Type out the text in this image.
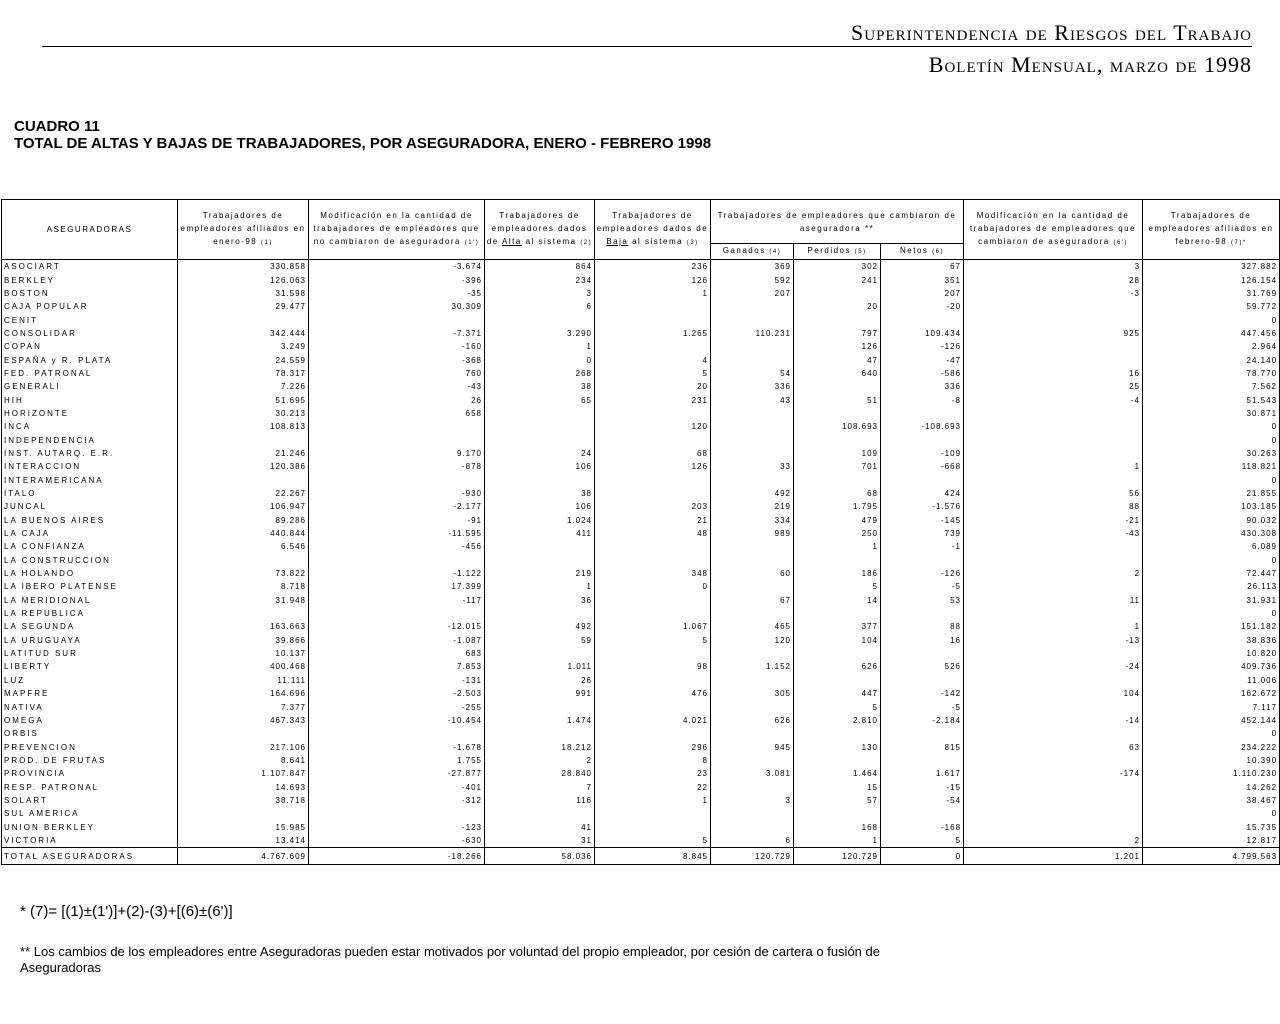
Superintendencia de Riesgos del Trabajo
Boletín Mensual, marzo de 1998
CUADRO 11
TOTAL DE ALTAS Y BAJAS DE TRABAJADORES, POR ASEGURADORA, ENERO - FEBRERO 1998
ASEGURADORAS	Trabajadores de empleadores afiliados en enero-98 (1)	Modificación en la cantidad de trabajadores de empleadores que no cambiaron de aseguradora (1')	Trabajadores de empleadores dados de Alta al sistema (2)	Trabajadores de empleadores dados de Baja al sistema (3)	Trabajadores de empleadores que cambiaron de aseguradora **			Modificación en la cantidad de trabajadores de empleadores que cambiaron de aseguradora (6')	Trabajadores de empleadores afiliados en febrero-98 (7)*
					Ganados (4)	Perdidos (5)	Netos (6)		
ASOCIART	330.858	-3.674	864	236	369	302	67	3	327.882
BERKLEY	126.063	-396	234	126	592	241	351	28	126.154
BOSTON	31.598	-35	3	1	207		207	-3	31.769
CAJA POPULAR	29.477	30.309	6			20	-20		59.772
CENIT									0
CONSOLIDAR	342.444	-7.371	3.290	1.265	110.231	797	109.434	925	447.456
COPAN	3.249	-160	1			126	-126		2.964
ESPAÑA y R. PLATA	24.559	-368	0	4		47	-47		24.140
FED. PATRONAL	78.317	760	268	5	54	640	-586	16	78.770
GENERALI	7.226	-43	38	20	336		336	25	7.562
HIH	51.695	26	65	231	43	51	-8	-4	51.543
HORIZONTE	30.213	658							30.871
INCA	108.813			120		108.693	-108.693		0
INDEPENDENCIA									0
INST. AUTARQ. E.R.	21.246	9.170	24	68		109	-109		30.263
INTERACCION	120.386	-878	106	126	33	701	-668	1	118.821
INTERAMERICANA									0
ITALO	22.267	-930	38		492	68	424	56	21.855
JUNCAL	106.947	-2.177	106	203	219	1.795	-1.576	88	103.185
LA BUENOS AIRES	89.286	-91	1.024	21	334	479	-145	-21	90.032
LA CAJA	440.844	-11.595	411	48	989	250	739	-43	430.308
LA CONFIANZA	6.546	-456				1	-1		6.089
LA CONSTRUCCION									0
LA HOLANDO	73.822	-1.122	219	348	60	186	-126	2	72.447
LA IBERO PLATENSE	8.718	17.399	1	0		5	-5		26.113
LA MERIDIONAL	31.948	-117	36		67	14	53	11	31.931
LA REPUBLICA									0
LA SEGUNDA	163.663	-12.015	492	1.067	465	377	88	1	151.182
LA URUGUAYA	39.866	-1.087	59	5	120	104	16	-13	38.836
LATITUD SUR	10.137	683							10.820
LIBERTY	400.468	7.853	1.011	98	1.152	626	526	-24	409.736
LUZ	11.111	-131	26						11.006
MAPFRE	164.696	-2.503	991	476	305	447	-142	104	162.672
NATIVA	7.377	-255				5	-5		7.117
OMEGA	467.343	-10.454	1.474	4.021	626	2.810	-2.184	-14	452.144
ORBIS									0
PREVENCION	217.106	-1.678	18.212	296	945	130	815	63	234.222
PROD. DE FRUTAS	8.641	1.755	2	8					10.390
PROVINCIA	1.107.847	-27.877	28.840	23	3.081	1.464	1.617	-174	1.110.230
RESP. PATRONAL	14.693	-401	7	22		15	-15		14.262
SOLART	38.718	-312	116	1	3	57	-54		38.467
SUL AMERICA									0
UNION BERKLEY	15.985	-123	41			168	-168		15.735
VICTORIA	13.414	-630	31	5	6	1	5	2	12.817
TOTAL ASEGURADORAS	4.767.609	-18.266	58.036	8.845	120.729	120.729	0	1.201	4.799.563
* (7)= [(1)±(1')]+(2)-(3)+[(6)±(6')]
** Los cambios de los empleadores entre Aseguradoras pueden estar motivados por voluntad del propio empleador, por cesión de cartera o fusión de Aseguradoras
